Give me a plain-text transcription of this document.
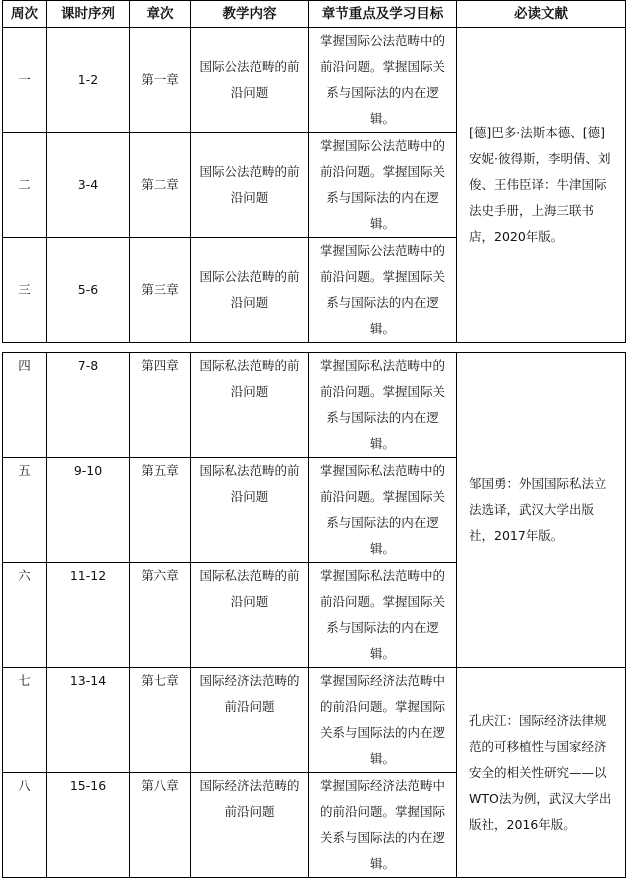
周次	课时序列	章次	教学内容	章节重点及学习目标	必读文献
一	1-2	第一章	国际公法范畴的前沿问题	掌握国际公法范畴中的前沿问题。掌握国际关系与国际法的内在逻辑。	[德]巴多·法斯本德、[德]安妮·彼得斯，李明倩、刘俊、王伟臣译：牛津国际法史手册，上海三联书店，2020年版。
二	3-4	第二章	国际公法范畴的前沿问题	掌握国际公法范畴中的前沿问题。掌握国际关系与国际法的内在逻辑。	
三	5-6	第三章	国际公法范畴的前沿问题	掌握国际公法范畴中的前沿问题。掌握国际关系与国际法的内在逻辑。	
四	7-8	第四章	国际私法范畴的前沿问题	掌握国际私法范畴中的前沿问题。掌握国际关系与国际法的内在逻辑。	邹国勇：外国国际私法立法选译，武汉大学出版社，2017年版。
五	9-10	第五章	国际私法范畴的前沿问题	掌握国际私法范畴中的前沿问题。掌握国际关系与国际法的内在逻辑。	
六	11-12	第六章	国际私法范畴的前沿问题	掌握国际私法范畴中的前沿问题。掌握国际关系与国际法的内在逻辑。	
七	13-14	第七章	国际经济法范畴的前沿问题	掌握国际经济法范畴中的前沿问题。掌握国际关系与国际法的内在逻辑。	孔庆江：国际经济法律规范的可移植性与国家经济安全的相关性研究——以WTO法为例，武汉大学出版社，2016年版。
八	15-16	第八章	国际经济法范畴的前沿问题	掌握国际经济法范畴中的前沿问题。掌握国际关系与国际法的内在逻辑。	
